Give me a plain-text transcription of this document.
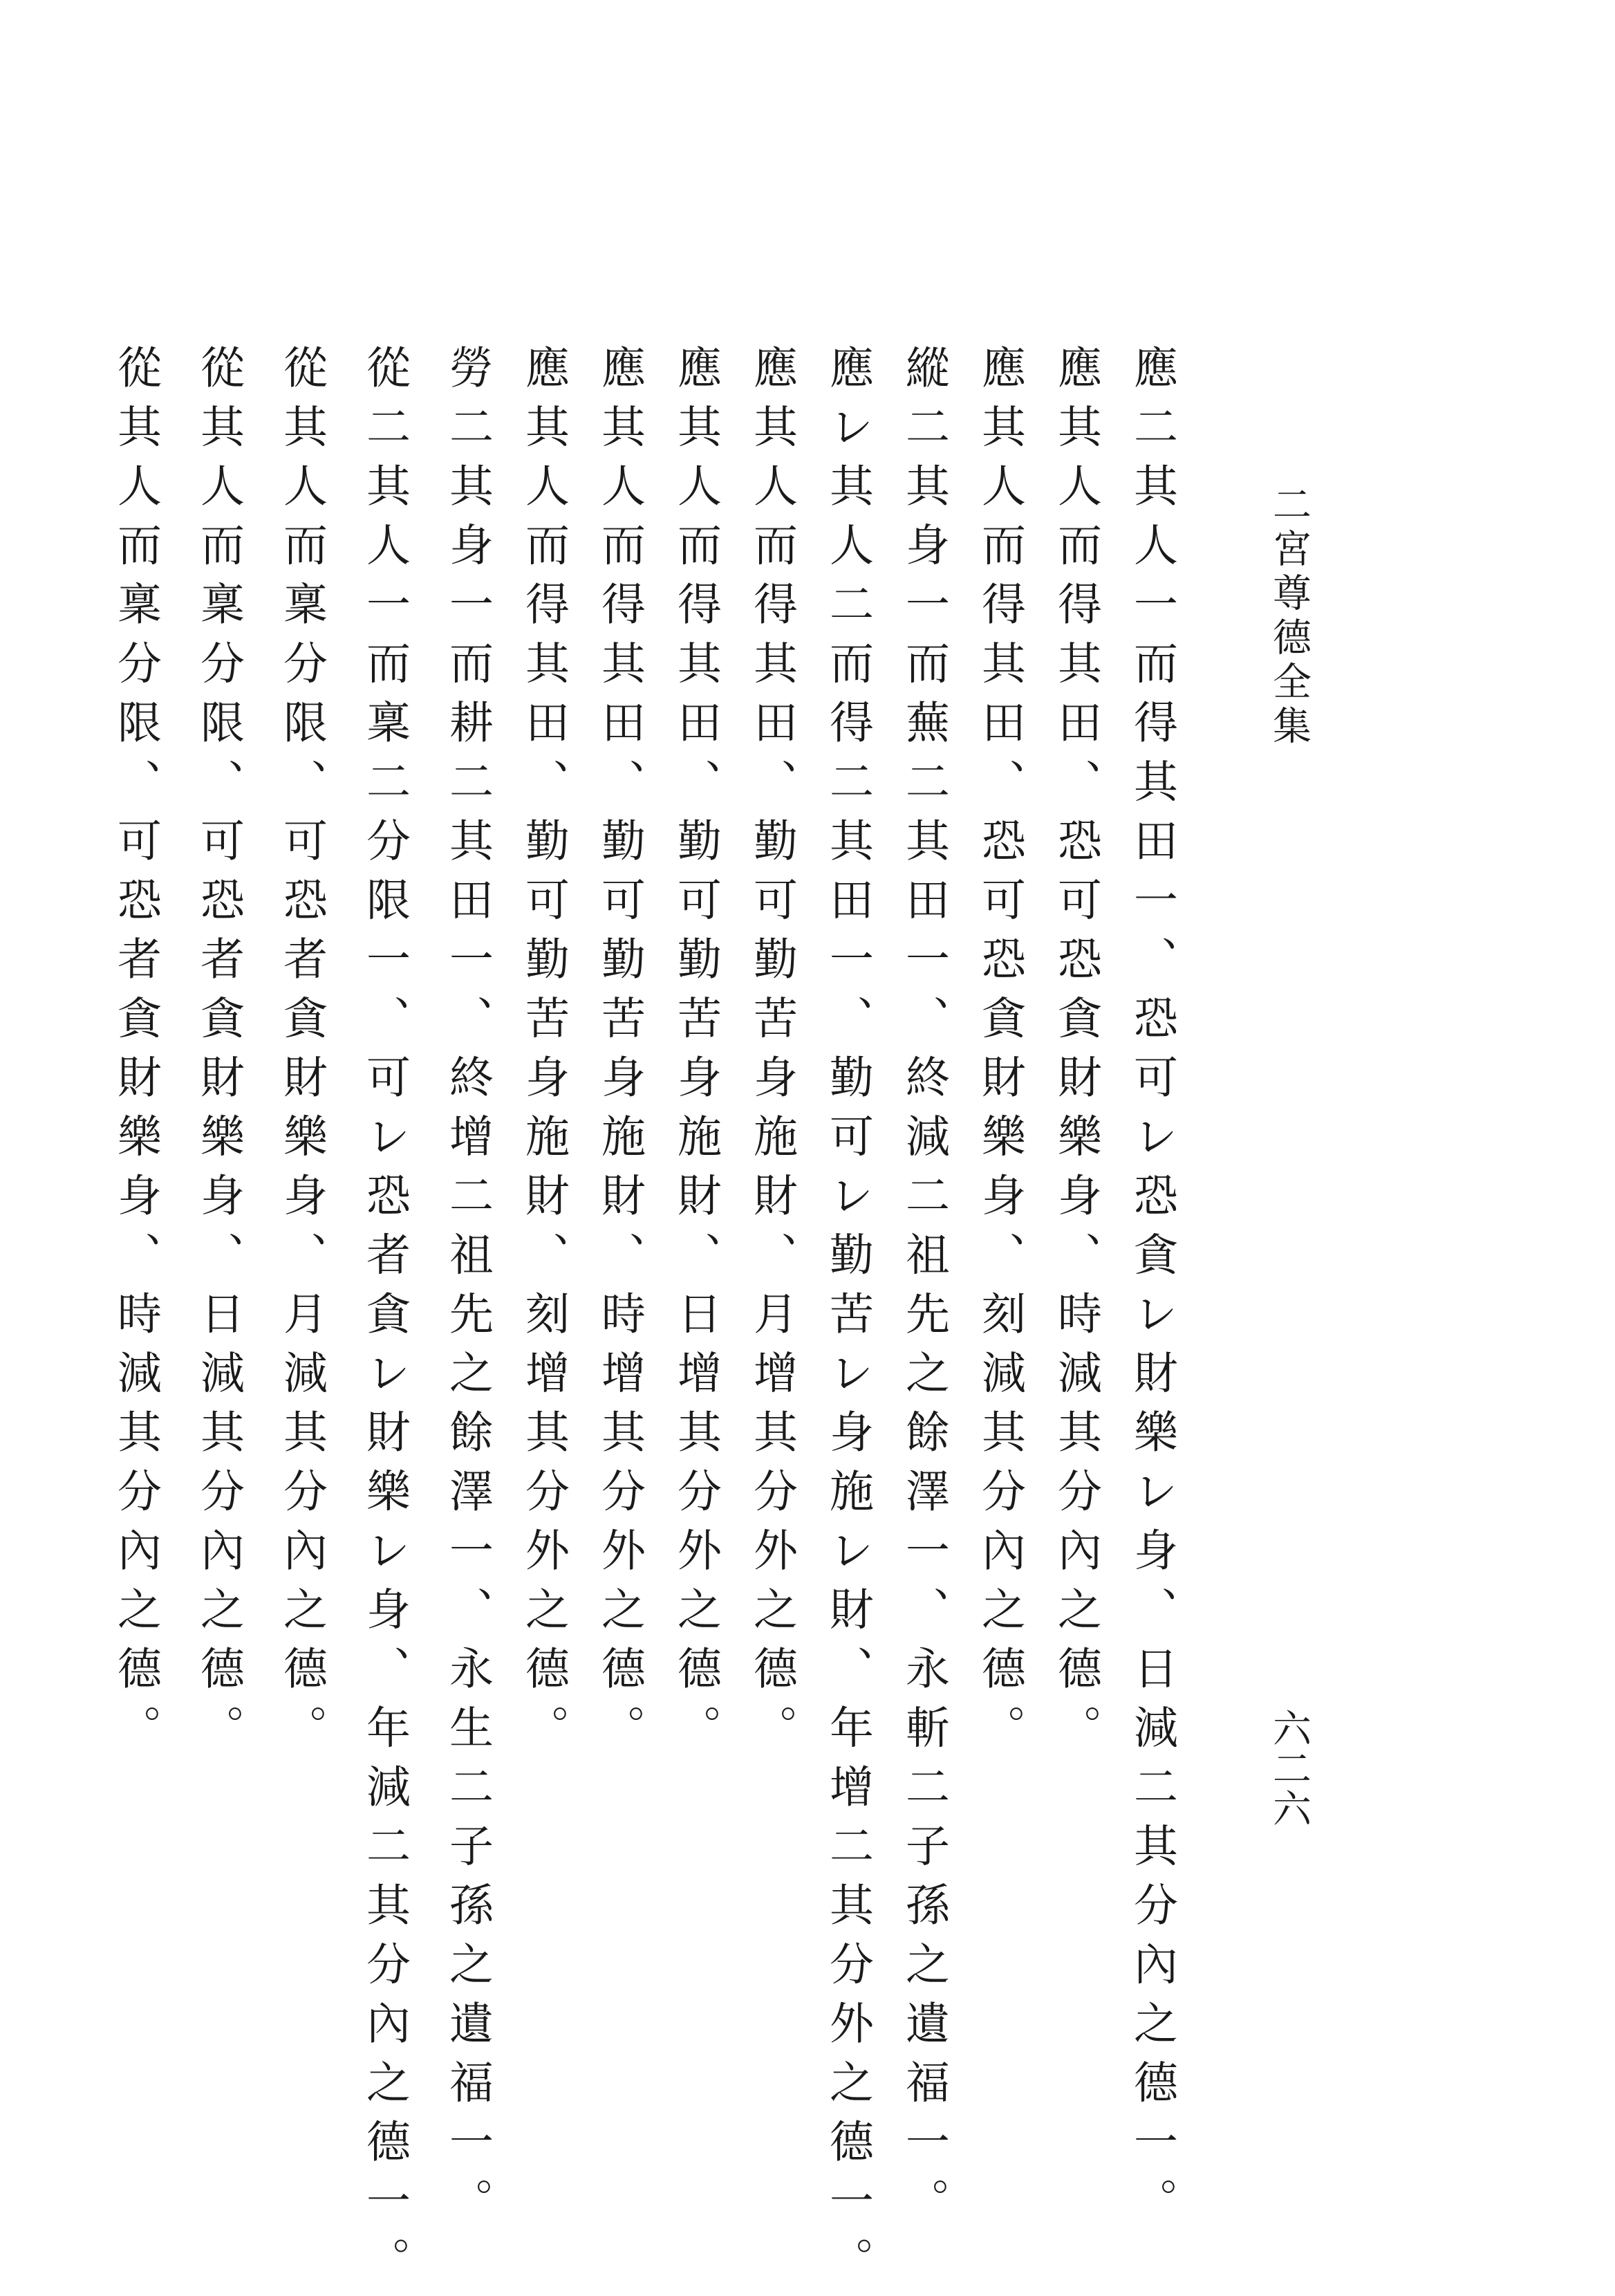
二宮尊德全集
應二其人一而得其田一、恐可レ恐貪レ財樂レ身、日減二其分內之德一。
應其人而得其田、恐可恐貪財樂身、時減其分內之德。
應其人而得其田、恐可恐貪財樂身、刻減其分內之德。
縱二其身一而蕪二其田一、終減二祖先之餘澤一、永斬二子孫之遺福一。
應レ其人二而得二其田一、勤可レ勤苦レ身施レ財、年增二其分外之德一。
應其人而得其田、勤可勤苦身施財、月增其分外之德。
應其人而得其田、勤可勤苦身施財、日增其分外之德。
應其人而得其田、勤可勤苦身施財、時增其分外之德。
應其人而得其田、勤可勤苦身施財、刻增其分外之德。
勞二其身一而耕二其田一、終增二祖先之餘澤一、永生二子孫之遺福一。
從二其人一而稟二分限一、可レ恐者貪レ財樂レ身、年減二其分內之德一。
從其人而稟分限、可恐者貪財樂身、月減其分內之德。
從其人而稟分限、可恐者貪財樂身、日減其分內之德。
從其人而稟分限、可恐者貪財樂身、時減其分內之德。
六二六
